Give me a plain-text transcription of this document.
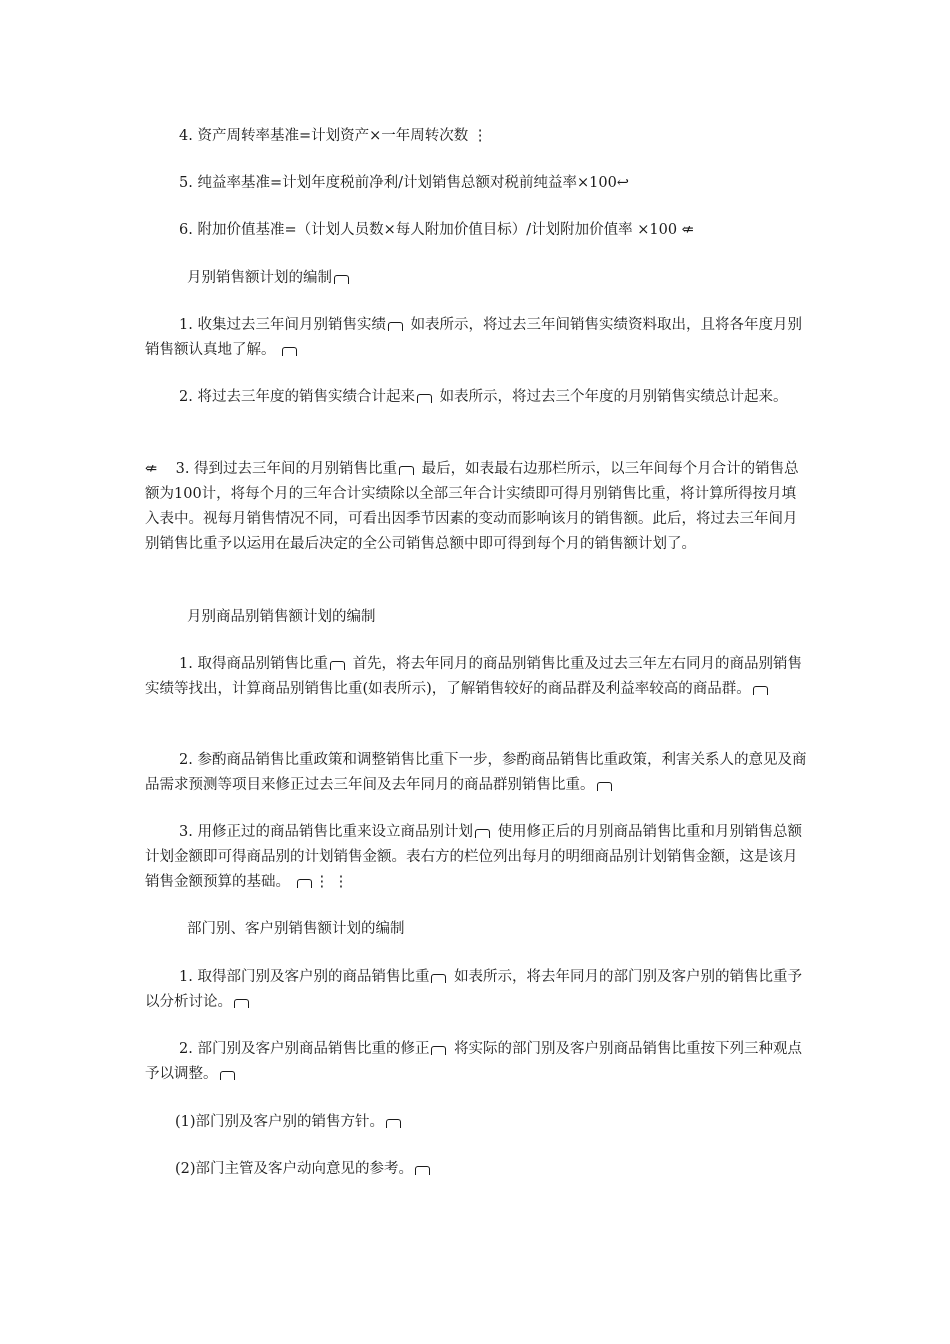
4. 资产周转率基准=计划资产×一年周转次数 ⋮

5. 纯益率基准=计划年度税前净利/计划销售总额对税前纯益率×100↩

6. 附加价值基准=（计划人员数×每人附加价值目标）/计划附加价值率 ×100 ⇍

月别销售额计划的编制

1. 收集过去三年间月别销售实绩 如表所示，将过去三年间销售实绩资料取出，且将各年度月别销售额认真地了解。

2. 将过去三年度的销售实绩合计起来 如表所示，将过去三个年度的月别销售实绩总计起来。

⇍ 3. 得到过去三年间的月别销售比重 最后，如表最右边那栏所示，以三年间每个月合计的销售总额为100计，将每个月的三年合计实绩除以全部三年合计实绩即可得月别销售比重，将计算所得按月填入表中。视每月销售情况不同，可看出因季节因素的变动而影响该月的销售额。此后，将过去三年间月别销售比重予以运用在最后决定的全公司销售总额中即可得到每个月的销售额计划了。

月别商品别销售额计划的编制

1. 取得商品别销售比重 首先，将去年同月的商品别销售比重及过去三年左右同月的商品别销售实绩等找出，计算商品别销售比重(如表所示)，了解销售较好的商品群及利益率较高的商品群。

2. 参酌商品销售比重政策和调整销售比重下一步，参酌商品销售比重政策，利害关系人的意见及商品需求预测等项目来修正过去三年间及去年同月的商品群别销售比重。

3. 用修正过的商品销售比重来设立商品别计划 使用修正后的月别商品销售比重和月别销售总额计划金额即可得商品别的计划销售金额。表右方的栏位列出每月的明细商品别计划销售金额，这是该月销售金额预算的基础。 ⋮ ⋮

部门别、客户别销售额计划的编制

1. 取得部门别及客户别的商品销售比重 如表所示，将去年同月的部门别及客户别的销售比重予以分析讨论。

2. 部门别及客户别商品销售比重的修正 将实际的部门别及客户别商品销售比重按下列三种观点予以调整。

(1)部门别及客户别的销售方针。

(2)部门主管及客户动向意见的参考。
